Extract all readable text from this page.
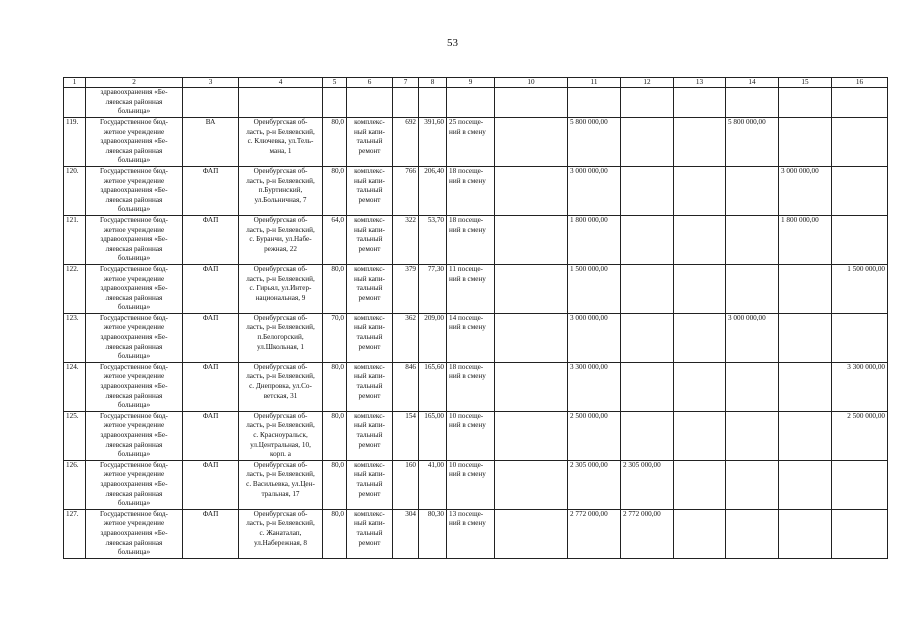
53
1	2	3	4	5	6	7	8	9	10	11	12	13	14	15	16
	здравоохранения «Бе-
ляевская районная
больница»														
119.	Государственное бюд-
жетное учреждение
здравоохранения «Бе-
ляевская районная
больница»	ВА	Оренбургская об-
ласть, р-н Беляевский,
с. Ключевка, ул.Тель-
мана, 1	80,0	комплекс-
ный капи-
тальный
ремонт	692	391,60	25 посеще-
ний в смену		5 800 000,00			5 800 000,00		
120.	Государственное бюд-
жетное учреждение
здравоохранения «Бе-
ляевская районная
больница»	ФАП	Оренбургская об-
ласть, р-н Беляевский,
п.Буртинский,
ул.Больничная, 7	80,0	комплекс-
ный капи-
тальный
ремонт	766	206,40	18 посеще-
ний в смену		3 000 000,00				3 000 000,00	
121.	Государственное бюд-
жетное учреждение
здравоохранения «Бе-
ляевская районная
больница»	ФАП	Оренбургская об-
ласть, р-н Беляевский,
с. Буранчи, ул.Набе-
режная, 22	64,0	комплекс-
ный капи-
тальный
ремонт	322	53,70	18 посеще-
ний в смену		1 800 000,00				1 800 000,00	
122.	Государственное бюд-
жетное учреждение
здравоохранения «Бе-
ляевская районная
больница»	ФАП	Оренбургская об-
ласть, р-н Беляевский,
с. Гирьял, ул.Интер-
национальная, 9	80,0	комплекс-
ный капи-
тальный
ремонт	379	77,30	11 посеще-
ний в смену		1 500 000,00					1 500 000,00
123.	Государственное бюд-
жетное учреждение
здравоохранения «Бе-
ляевская районная
больница»	ФАП	Оренбургская об-
ласть, р-н Беляевский,
п.Белогорский,
ул.Школьная, 1	70,0	комплекс-
ный капи-
тальный
ремонт	362	209,00	14 посеще-
ний в смену		3 000 000,00			3 000 000,00		
124.	Государственное бюд-
жетное учреждение
здравоохранения «Бе-
ляевская районная
больница»	ФАП	Оренбургская об-
ласть, р-н Беляевский,
с. Днепровка, ул.Со-
ветская, 31	80,0	комплекс-
ный капи-
тальный
ремонт	846	165,60	18 посеще-
ний в смену		3 300 000,00					3 300 000,00
125.	Государственное бюд-
жетное учреждение
здравоохранения «Бе-
ляевская районная
больница»	ФАП	Оренбургская об-
ласть, р-н Беляевский,
с. Красноуральск,
ул.Центральная, 10,
корп. а	80,0	комплекс-
ный капи-
тальный
ремонт	154	165,00	10 посеще-
ний в смену		2 500 000,00					2 500 000,00
126.	Государственное бюд-
жетное учреждение
здравоохранения «Бе-
ляевская районная
больница»	ФАП	Оренбургская об-
ласть, р-н Беляевский,
с. Васильевка, ул.Цен-
тральная, 17	80,0	комплекс-
ный капи-
тальный
ремонт	160	41,00	10 посеще-
ний в смену		2 305 000,00	2 305 000,00				
127.	Государственное бюд-
жетное учреждение
здравоохранения «Бе-
ляевская районная
больница»	ФАП	Оренбургская об-
ласть, р-н Беляевский,
с. Жанаталап,
ул.Набережная, 8	80,0	комплекс-
ный капи-
тальный
ремонт	304	80,30	13 посеще-
ний в смену		2 772 000,00	2 772 000,00				
